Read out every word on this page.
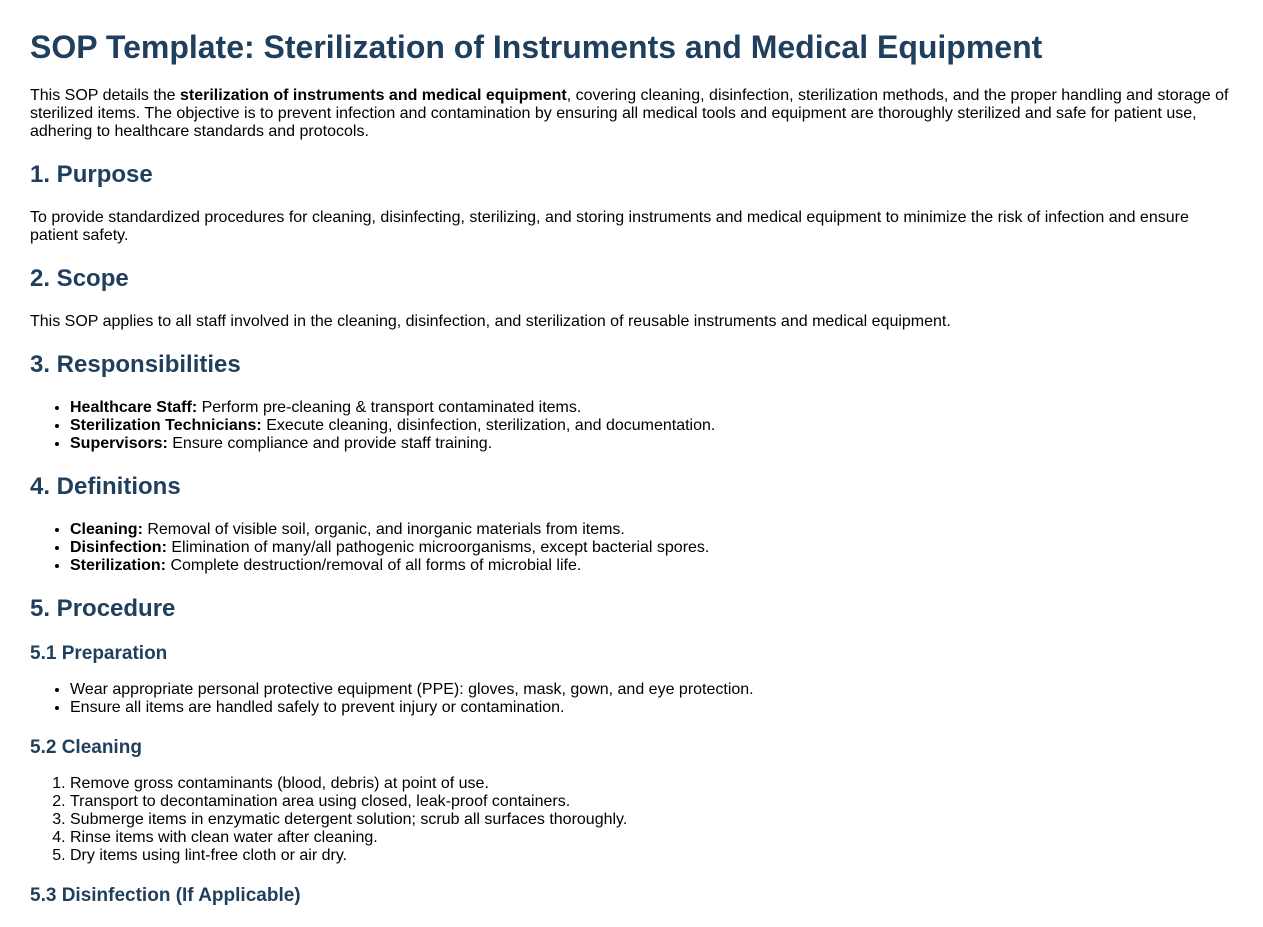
SOP Template: Sterilization of Instruments and Medical Equipment

This SOP details the sterilization of instruments and medical equipment, covering cleaning, disinfection, sterilization methods, and the proper handling and storage of sterilized items. The objective is to prevent infection and contamination by ensuring all medical tools and equipment are thoroughly sterilized and safe for patient use, adhering to healthcare standards and protocols.

1. Purpose

To provide standardized procedures for cleaning, disinfecting, sterilizing, and storing instruments and medical equipment to minimize the risk of infection and ensure patient safety.

2. Scope

This SOP applies to all staff involved in the cleaning, disinfection, and sterilization of reusable instruments and medical equipment.

3. Responsibilities
• Healthcare Staff: Perform pre-cleaning & transport contaminated items.
• Sterilization Technicians: Execute cleaning, disinfection, sterilization, and documentation.
• Supervisors: Ensure compliance and provide staff training.
4. Definitions
• Cleaning: Removal of visible soil, organic, and inorganic materials from items.
• Disinfection: Elimination of many/all pathogenic microorganisms, except bacterial spores.
• Sterilization: Complete destruction/removal of all forms of microbial life.
5. Procedure
5.1 Preparation
• Wear appropriate personal protective equipment (PPE): gloves, mask, gown, and eye protection.
• Ensure all items are handled safely to prevent injury or contamination.
5.2 Cleaning
1. Remove gross contaminants (blood, debris) at point of use.
2. Transport to decontamination area using closed, leak-proof containers.
3. Submerge items in enzymatic detergent solution; scrub all surfaces thoroughly.
4. Rinse items with clean water after cleaning.
5. Dry items using lint-free cloth or air dry.
5.3 Disinfection (If Applicable)
